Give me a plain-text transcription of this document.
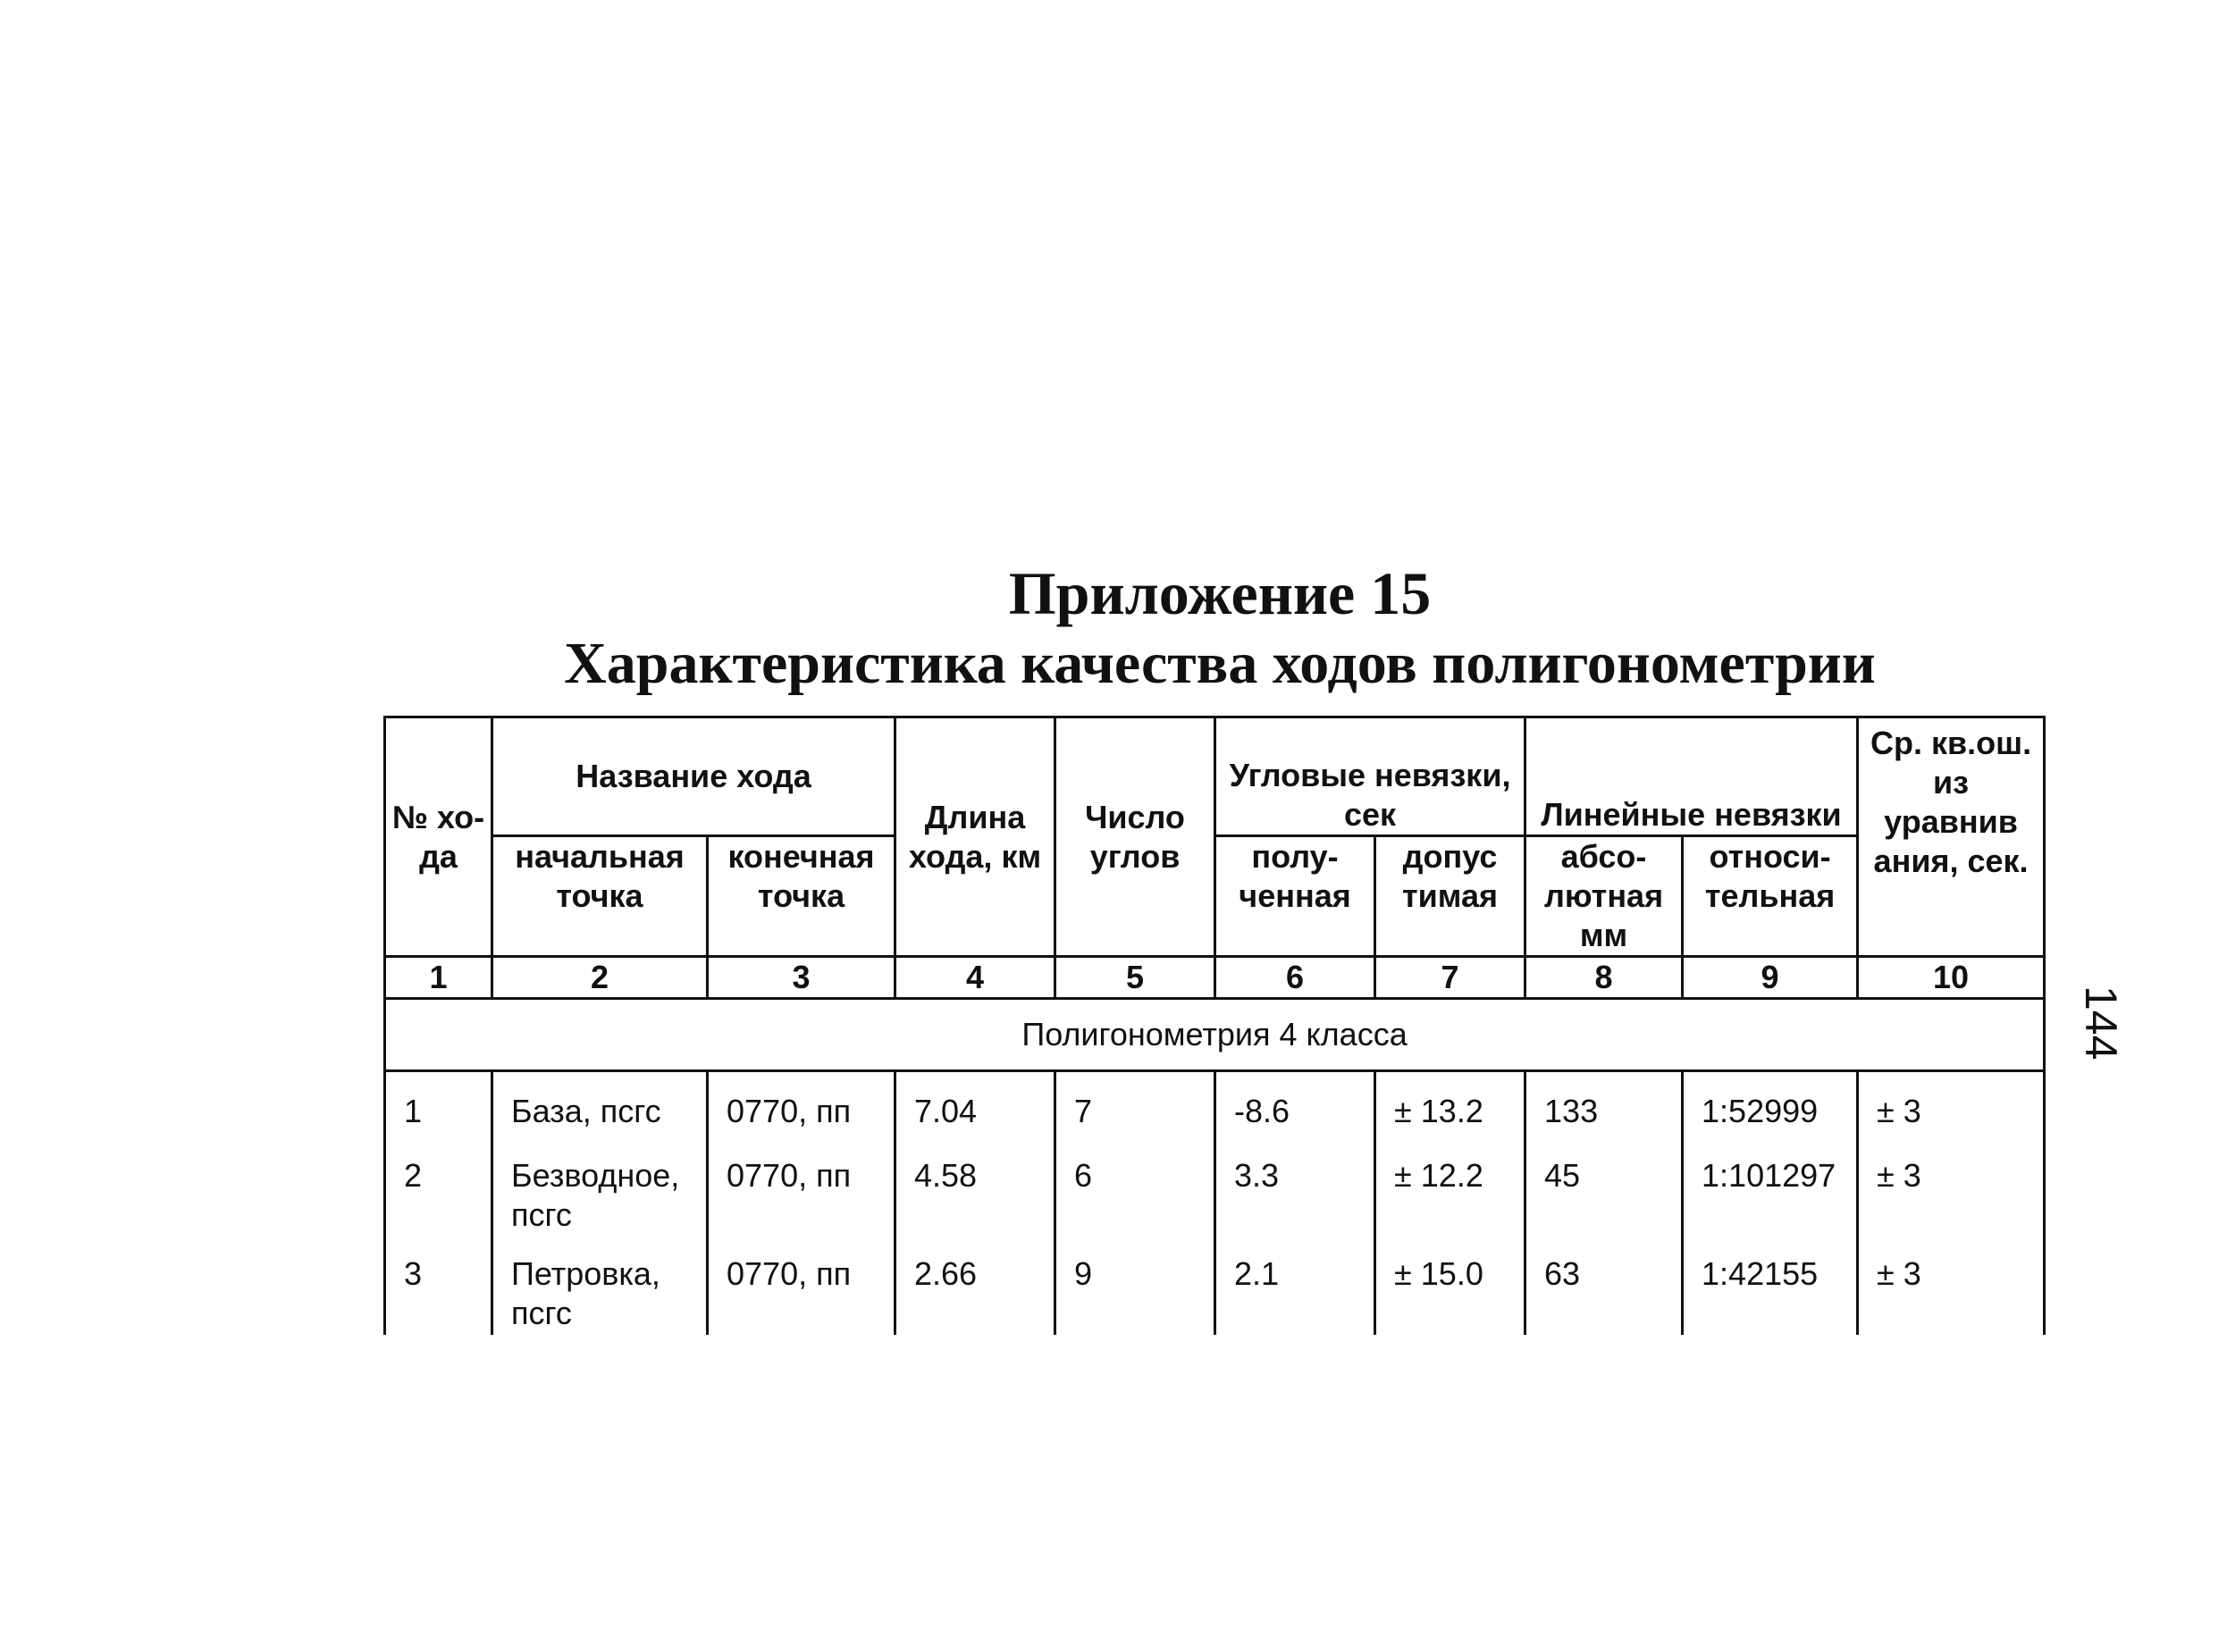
Приложение 15
Характеристика качества ходов полигонометрии
№ хо-да	Название хода		Длина хода, км	Число углов	Угловые невязки, сек		Линейные невязки		Ср. кв.ош. из уравнив ания, сек.
	начальная точка	конечная точка			полу-ченная	допус тимая	абсо-лютная мм	относи-тельная	
1	2	3	4	5	6	7	8	9	10
Полигонометрия 4 класса									
1	База, псгс	0770, пп	7.04	7	-8.6	± 13.2	133	1:52999	± 3
2	Безводное, псгс	0770, пп	4.58	6	3.3	± 12.2	45	1:101297	± 3
3	Петровка, псгс	0770, пп	2.66	9	2.1	± 15.0	63	1:42155	± 3
144
